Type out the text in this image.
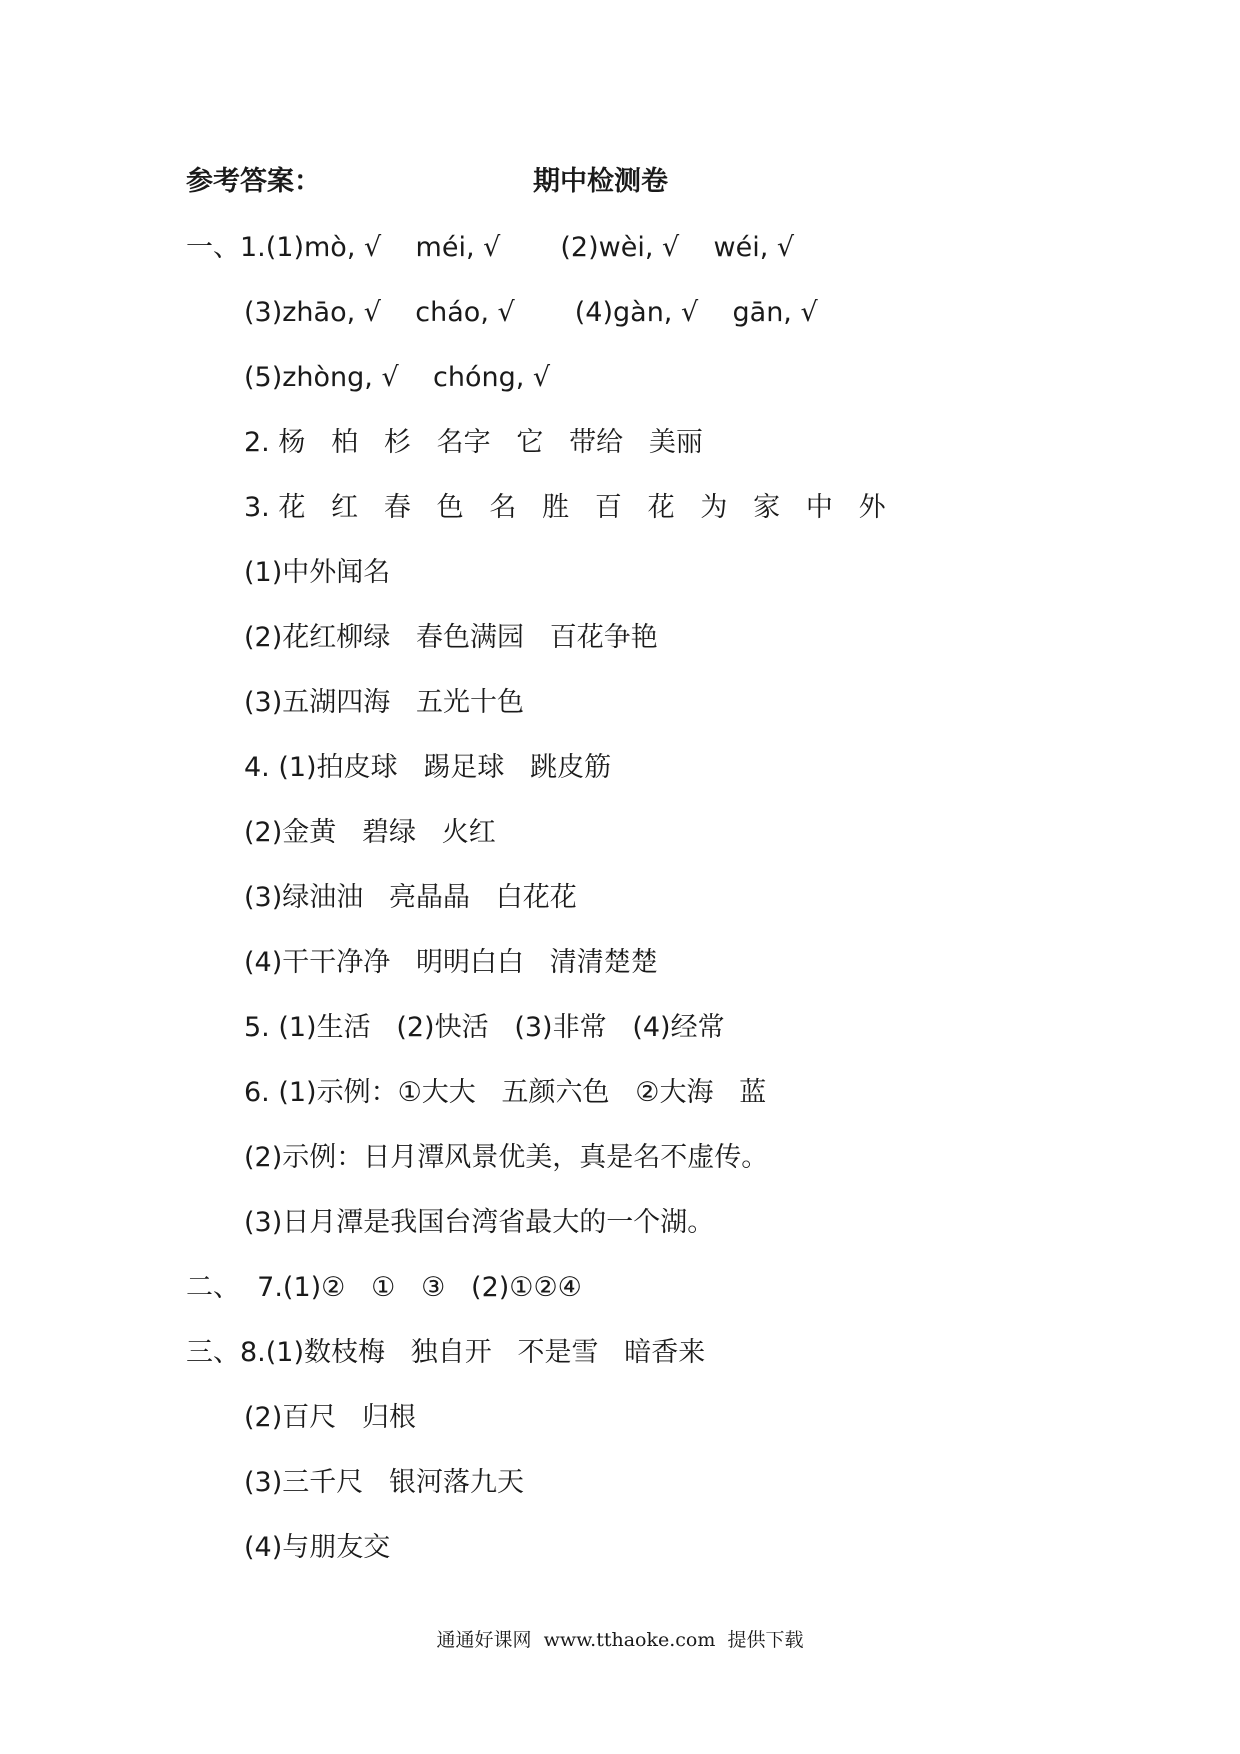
参考答案：	期中检测卷
一、1.(1)mò, √    méi, √       (2)wèi, √    wéi, √
(3)zhāo, √    cháo, √       (4)gàn, √    gān, √
(5)zhòng, √    chóng, √
2. 杨   柏   杉   名字   它   带给   美丽
3. 花   红   春   色   名   胜   百   花   为   家   中   外
(1)中外闻名
(2)花红柳绿   春色满园   百花争艳
(3)五湖四海   五光十色
4. (1)拍皮球   踢足球   跳皮筋
(2)金黄   碧绿   火红
(3)绿油油   亮晶晶   白花花
(4)干干净净   明明白白   清清楚楚
5. (1)生活   (2)快活   (3)非常   (4)经常
6. (1)示例：①大大   五颜六色   ②大海   蓝
(2)示例：日月潭风景优美，真是名不虚传。
(3)日月潭是我国台湾省最大的一个湖。
二、  7.(1)②   ①   ③   (2)①②④
三、8.(1)数枝梅   独自开   不是雪   暗香来
(2)百尺   归根
(3)三千尺   银河落九天
(4)与朋友交
通通好课网  www.tthaoke.com  提供下载
